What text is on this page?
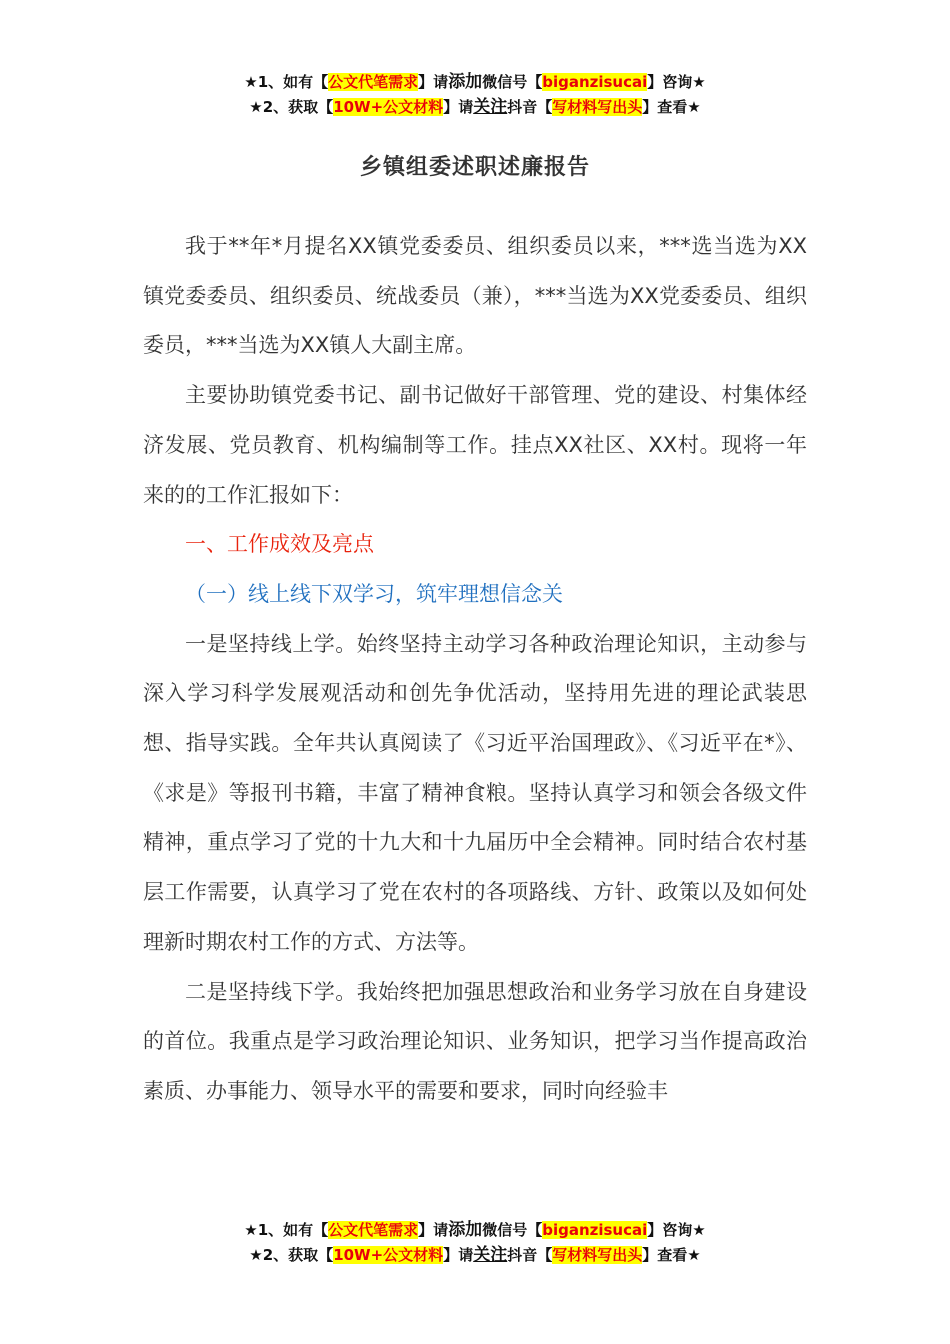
★1、如有【公文代笔需求】请添加微信号【biganzisucai】咨询★
★2、获取【10W+公文材料】请关注抖音【写材料写出头】查看★
乡镇组委述职述廉报告

我于**年*月提名XX镇党委委员、组织委员以来，***选当选为XX镇党委委员、组织委员、统战委员（兼），***当选为XX党委委员、组织委员，***当选为XX镇人大副主席。

主要协助镇党委书记、副书记做好干部管理、党的建设、村集体经济发展、党员教育、机构编制等工作。挂点XX社区、XX村。现将一年来的的工作汇报如下：

一、工作成效及亮点

（一）线上线下双学习，筑牢理想信念关

一是坚持线上学。始终坚持主动学习各种政治理论知识，主动参与深入学习科学发展观活动和创先争优活动，坚持用先进的理论武装思想、指导实践。全年共认真阅读了《习近平治国理政》、《习近平在*》、《求是》等报刊书籍，丰富了精神食粮。坚持认真学习和领会各级文件精神，重点学习了党的十九大和十九届历中全会精神。同时结合农村基层工作需要，认真学习了党在农村的各项路线、方针、政策以及如何处理新时期农村工作的方式、方法等。

二是坚持线下学。我始终把加强思想政治和业务学习放在自身建设的首位。我重点是学习政治理论知识、业务知识，把学习当作提高政治素质、办事能力、领导水平的需要和要求，同时向经验丰

★1、如有【公文代笔需求】请添加微信号【biganzisucai】咨询★
★2、获取【10W+公文材料】请关注抖音【写材料写出头】查看★
